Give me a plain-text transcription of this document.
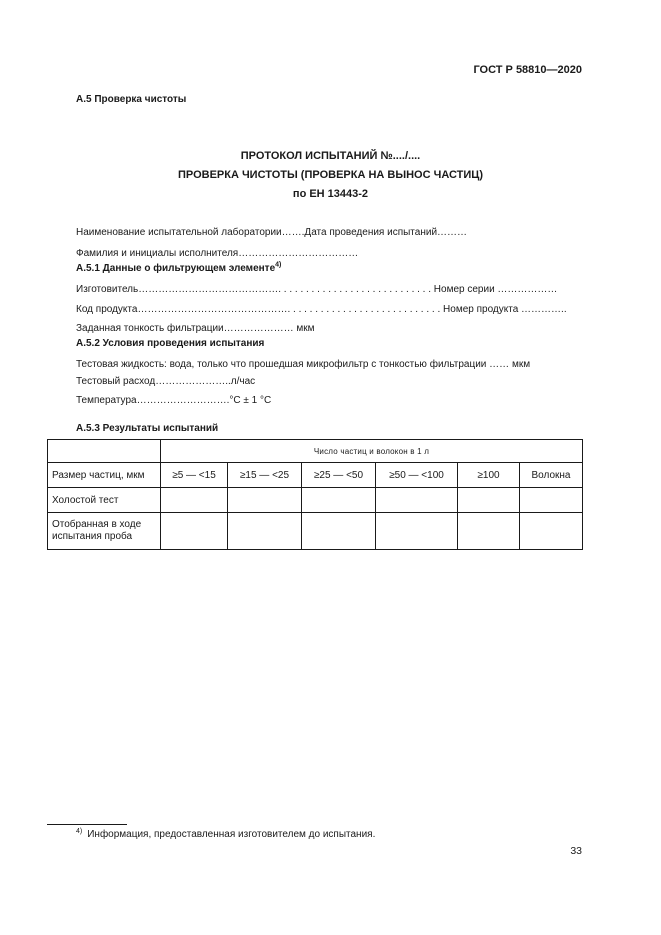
ГОСТ Р 58810—2020
А.5 Проверка чистоты
ПРОТОКОЛ ИСПЫТАНИЙ №..../....
ПРОВЕРКА ЧИСТОТЫ (ПРОВЕРКА НА ВЫНОС ЧАСТИЦ)
по ЕН 13443-2
Наименование испытательной лаборатории…….Дата проведения испытаний………
Фамилия и инициалы исполнителя………………………………
А.5.1 Данные о фильтрующем элементе$^{4)}$
Изготовитель……………………………………. . . . . . . . . . . . . . . . . . . . . . . . . . . . Номер серии ………………
Код продукта………………………………………. . . . . . . . . . . . . . . . . . . . . . . . . . . . Номер продукта …………..
Заданная тонкость фильтрации………………… мкм
А.5.2 Условия проведения испытания
Тестовая жидкость: вода, только что прошедшая микрофильтр с тонкостью фильтрации …… мкм
Тестовый расход…………………..л/час
Температура……………………….°С ± 1 °С
А.5.3 Результаты испытаний
	Число частиц и волокон в 1 л					
Размер частиц, мкм	≥5 — <15	≥15 — <25	≥25 — <50	≥50 — <100	≥100	Волокна
Холостой тест						
Отобранная в ходе испытания проба						
$^{4)}$ Информация, предоставленная изготовителем до испытания.
33
